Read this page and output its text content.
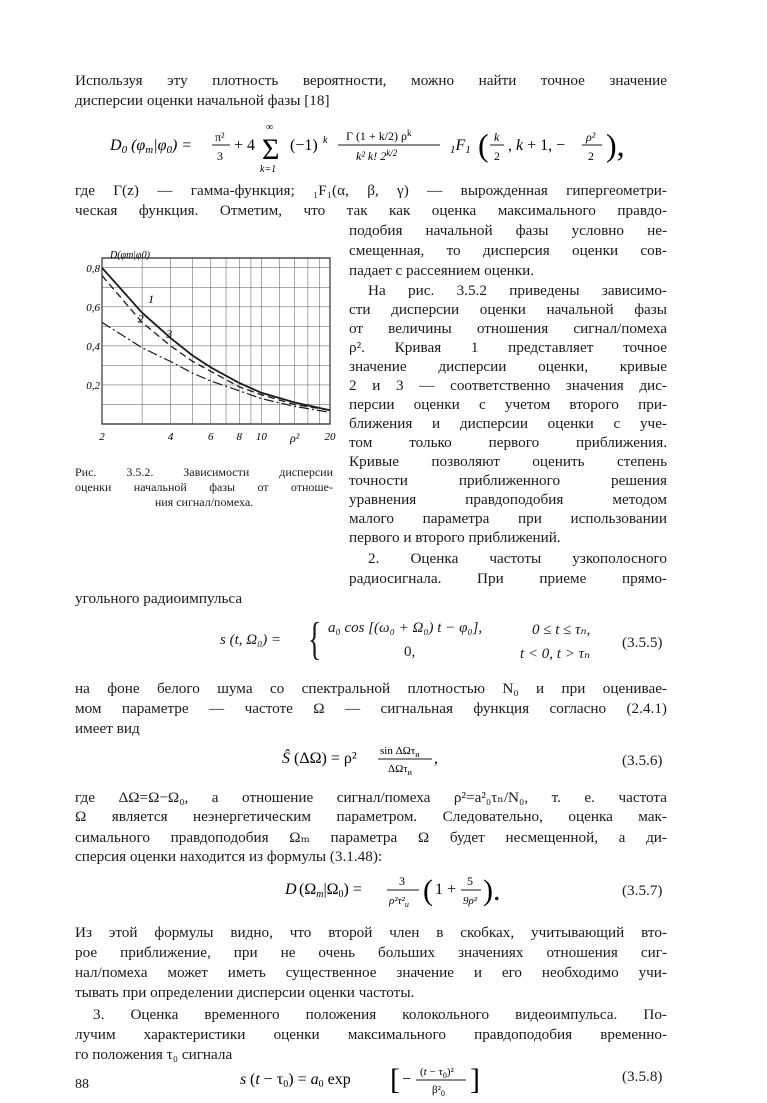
Используя эту плотность вероятности, можно найти точное значение
дисперсии оценки начальной фазы [18]
D0 (φm|φ0) = π²
3
+ 4 Σ
∞
k=1
(−1) k Γ (1 + k/2) $\rho^k$
k² k! $2^{k/2}$	1F1 ( k
2
, k + 1, − ρ²
2 ),
где Γ(z) — гамма-функция; ₁F₁(α, β, γ) — вырожденная гипергеометри-
ческая функция. Отметим, что так как оценка максимального правдо-
1
2
3
0,2
0,4
0,6
0,8
2	4	6 8 10	20
D(φm|φ0)
ρ²
Рис. 3.5.2. Зависимости дисперсии
оценки начальной фазы от отноше-
ния сигнал/помеха.
подобия начальной фазы условно не-
смещенная, то дисперсия оценки сов-
падает с рассеянием оценки.
На рис. 3.5.2 приведены зависимо-
сти дисперсии оценки начальной фазы
от величины отношения сигнал/помеха
ρ². Кривая 1 представляет точное
значение дисперсии оценки, кривые
2 и 3 — соответственно значения дис-
персии оценки с учетом второго при-
ближения и дисперсии оценки с уче-
том только первого приближения.
Кривые позволяют оценить степень
точности приближенного решения
уравнения правдоподобия методом
малого параметра при использовании
первого и второго приближений.
2. Оценка частоты узкополосного
радиосигнала. При приеме прямо-
угольного радиоимпульса
s (t, Ω₀) = { a₀ cos [(ω₀ + Ω₀) t − φ₀],	0 ≤ t ≤ τₙ,
0,	t < 0, t > τₙ
(3.5.5)
на фоне белого шума со спектральной плотностью N₀ и при оцениваe-
мом параметре — частоте Ω — сигнальная функция согласно (2.4.1)
имеет вид
Ŝ (ΔΩ) = ρ² sin ΔΩτ$_и$
ΔΩτ$_и$
,	(3.5.6)
где ΔΩ=Ω−Ω₀, а отношение сигнал/помеха ρ²=a²₀τₙ/N₀, т. е. частота
Ω является неэнергетическим параметром. Следовательно, оценка мак-
симального правдоподобия Ωₘ параметра Ω будет несмещенной, а ди-
сперсия оценки находится из формулы (3.1.48):
D (Ωm|Ω0) =	3
$\rho^2\tau^2_и$ ( 1 + 5
9ρ² ).	(3.5.7)
Из этой формулы видно, что второй член в скобках, учитывающий вто-
рое приближение, при не очень больших значениях отношения сиг-
нал/помеха может иметь существенное значение и его необходимо учи-
тывать при определении дисперсии оценки частоты.
3. Оценка временного положения колокольного видеоимпульса. По-
лучим характеристики оценки максимального правдоподобия временно-
го положения τ₀ сигнала
s (t − τ0) = a0 exp [ − $(t - \tau_0)^2$
$\beta^2_0$ ]	(3.5.8)
88
